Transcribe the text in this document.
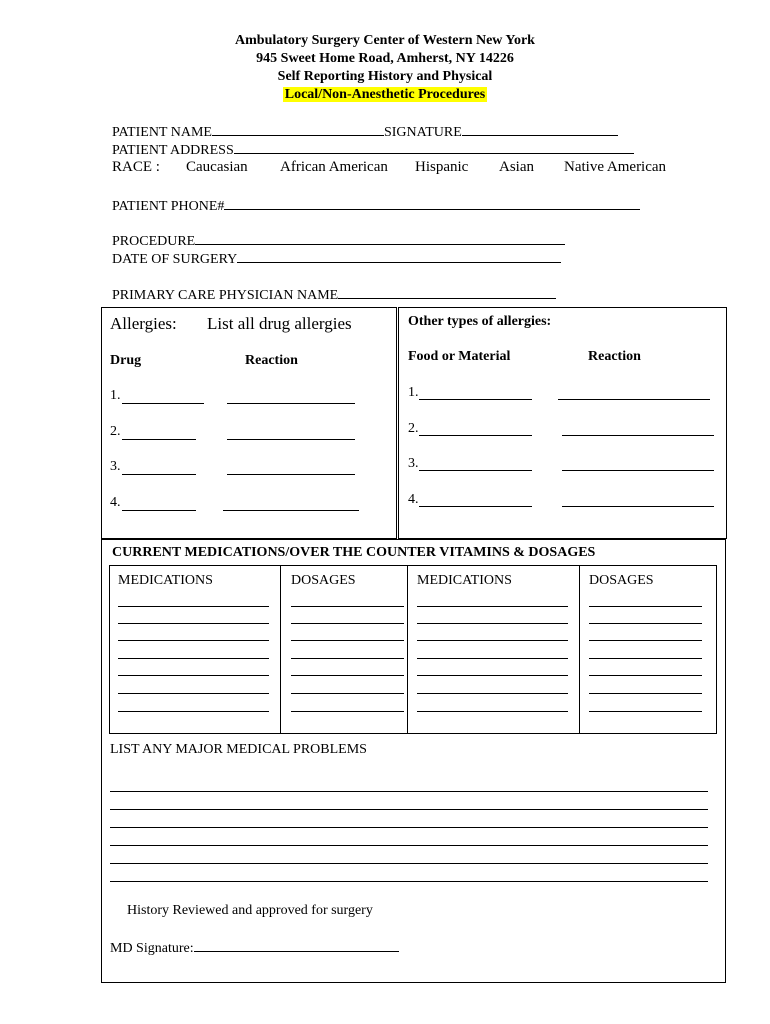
Ambulatory Surgery Center of Western New York
945 Sweet Home Road, Amherst, NY 14226
Self Reporting History and Physical
Local/Non-Anesthetic Procedures
PATIENT NAME	SIGNATURE
PATIENT ADDRESS
RACE : Caucasian African American Hispanic Asian Native American
PATIENT PHONE#
PROCEDURE
DATE OF SURGERY
PRIMARY CARE PHYSICIAN NAME
Allergies: List all drug allergies
Drug	Reaction
Other types of allergies:
Food or Material	Reaction
1.
2.
3.
4.
1.
2.
3.
4.
CURRENT MEDICATIONS/OVER THE COUNTER VITAMINS & DOSAGES
MEDICATIONS	DOSAGES	MEDICATIONS	DOSAGES
LIST ANY MAJOR MEDICAL PROBLEMS
History Reviewed and approved for surgery
MD Signature:
